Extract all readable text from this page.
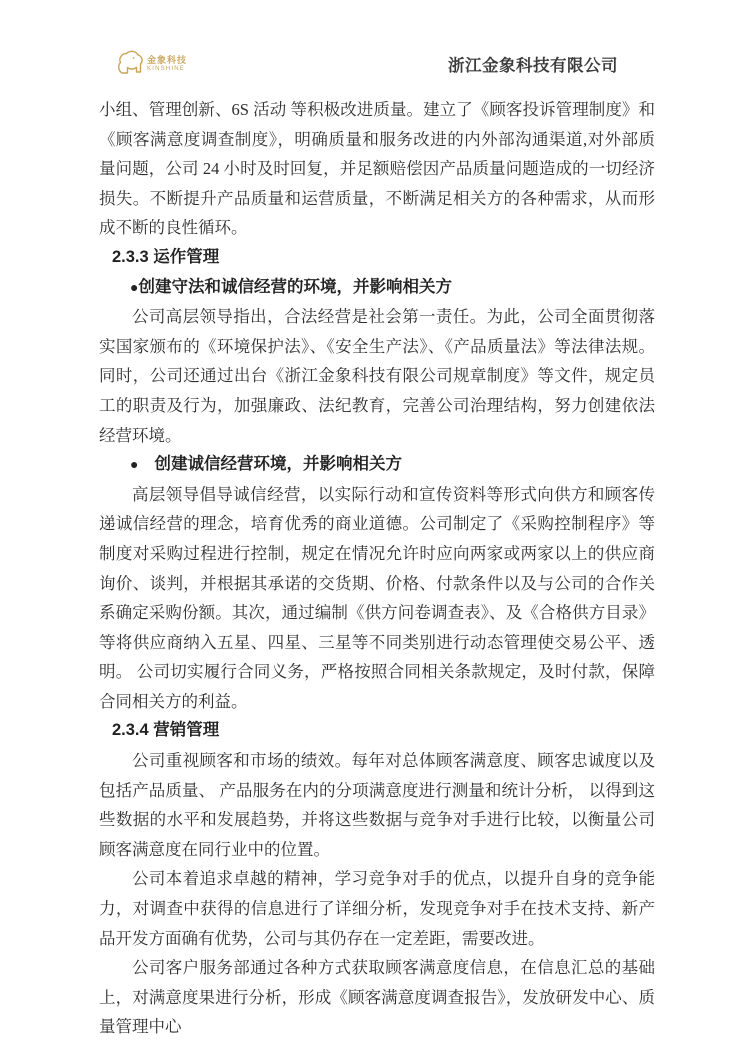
金象科技
KINSHINE	浙江金象科技有限公司

小组、管理创新、6S 活动 等积极改进质量。建立了《顾客投诉管理制度》和《顾客满意度调查制度》，明确质量和服务改进的内外部沟通渠道,对外部质量问题，公司 24 小时及时回复，并足额赔偿因产品质量问题造成的一切经济损失。不断提升产品质量和运营质量，不断满足相关方的各种需求，从而形成不断的良性循环。

2.3.3 运作管理

●创建守法和诚信经营的环境，并影响相关方

公司高层领导指出，合法经营是社会第一责任。为此，公司全面贯彻落实国家颁布的《环境保护法》、《安全生产法》、《产品质量法》等法律法规。同时，公司还通过出台《浙江金象科技有限公司规章制度》等文件，规定员工的职责及行为，加强廉政、法纪教育，完善公司治理结构，努力创建依法经营环境。

● 创建诚信经营环境，并影响相关方

高层领导倡导诚信经营，以实际行动和宣传资料等形式向供方和顾客传递诚信经营的理念，培育优秀的商业道德。公司制定了《采购控制程序》等制度对采购过程进行控制，规定在情况允许时应向两家或两家以上的供应商询价、谈判，并根据其承诺的交货期、价格、付款条件以及与公司的合作关系确定采购份额。其次，通过编制《供方问卷调查表》、及《合格供方目录》等将供应商纳入五星、四星、三星等不同类别进行动态管理使交易公平、透明。 公司切实履行合同义务，严格按照合同相关条款规定，及时付款，保障合同相关方的利益。

2.3.4 营销管理

公司重视顾客和市场的绩效。每年对总体顾客满意度、顾客忠诚度以及包括产品质量、 产品服务在内的分项满意度进行测量和统计分析， 以得到这些数据的水平和发展趋势，并将这些数据与竞争对手进行比较，以衡量公司顾客满意度在同行业中的位置。

公司本着追求卓越的精神，学习竞争对手的优点，以提升自身的竞争能力，对调查中获得的信息进行了详细分析，发现竞争对手在技术支持、新产品开发方面确有优势，公司与其仍存在一定差距，需要改进。

公司客户服务部通过各种方式获取顾客满意度信息，在信息汇总的基础上，对满意度果进行分析，形成《顾客满意度调查报告》，发放研发中心、质量管理中心
